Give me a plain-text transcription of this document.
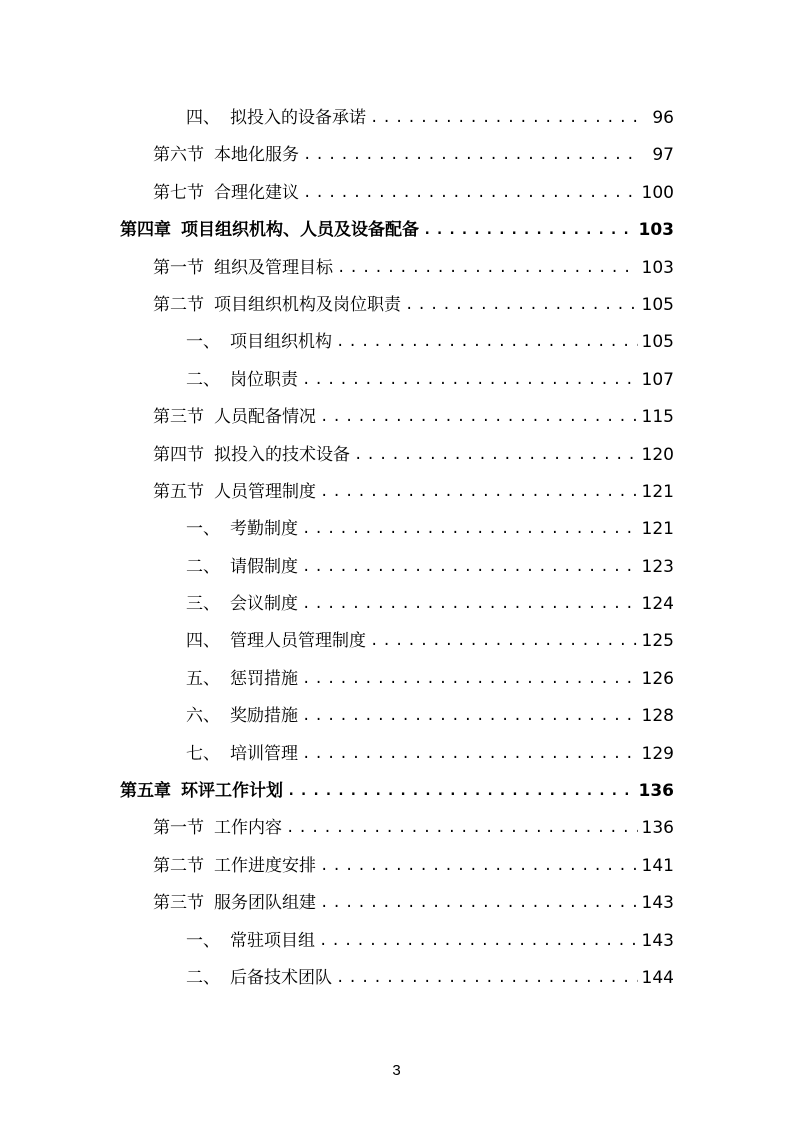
四、 拟投入的设备承诺 .....	96
第六节 本地化服务 .....	97
第七节 合理化建议 .....	100
第四章 项目组织机构、人员及设备配备 .....	103
第一节 组织及管理目标 .....	103
第二节 项目组织机构及岗位职责 .....	105
一、 项目组织机构 .....	105
二、 岗位职责 .....	107
第三节 人员配备情况 .....	115
第四节 拟投入的技术设备 .....	120
第五节 人员管理制度 .....	121
一、 考勤制度 .....	121
二、 请假制度 .....	123
三、 会议制度 .....	124
四、 管理人员管理制度 .....	125
五、 惩罚措施 .....	126
六、 奖励措施 .....	128
七、 培训管理 .....	129
第五章 环评工作计划 .....	136
第一节 工作内容 .....	136
第二节 工作进度安排 .....	141
第三节 服务团队组建 .....	143
一、 常驻项目组 .....	143
二、 后备技术团队 .....	144
3
